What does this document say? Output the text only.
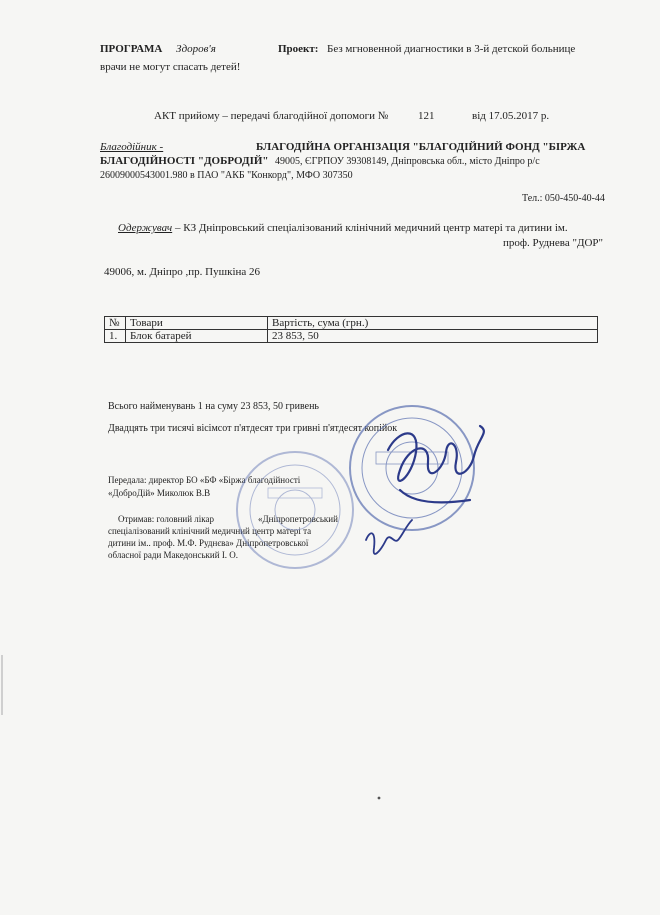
ПРОГРАМА Здоров'я	Проект: Без мгновенной диагностики в 3-й детской больнице
врачи не могут спасать детей!
АКТ прийому – передачі благодійної допомоги №	121	від 17.05.2017 р.
Благодійник -	БЛАГОДІЙНА ОРГАНІЗАЦІЯ "БЛАГОДІЙНИЙ ФОНД "БІРЖА
БЛАГОДІЙНОСТІ "ДОБРОДІЙ" 49005, ЄГРПОУ 39308149, Дніпровська обл., місто Дніпро р/с
26009000543001.980 в ПАО "АКБ "Конкорд", МФО 307350
Тел.: 050-450-40-44
Одержувач – КЗ Дніпровський спеціалізований клінічний медичний центр матері та дитини ім.
проф. Руднева "ДОР"
49006, м. Дніпро ,пр. Пушкіна 26
№	Товари	Вартість, сума (грн.)
1.	Блок батарей	23 853, 50
Всього найменувань 1 на суму 23 853, 50 гривень
Двадцять три тисячі вісімсот п'ятдесят три гривні п'ятдесят копійок
Передала: директор БО «БФ «Біржа благодійності
«ДоброДій» Миколюк В.В
Отримав: головний лікар	«Дніпропетровський
спеціалізований клінічний медичний центр матері та
дитини ім.. проф. М.Ф. Руднєва» Дніпропетровської
обласної ради Македонський І. О.
